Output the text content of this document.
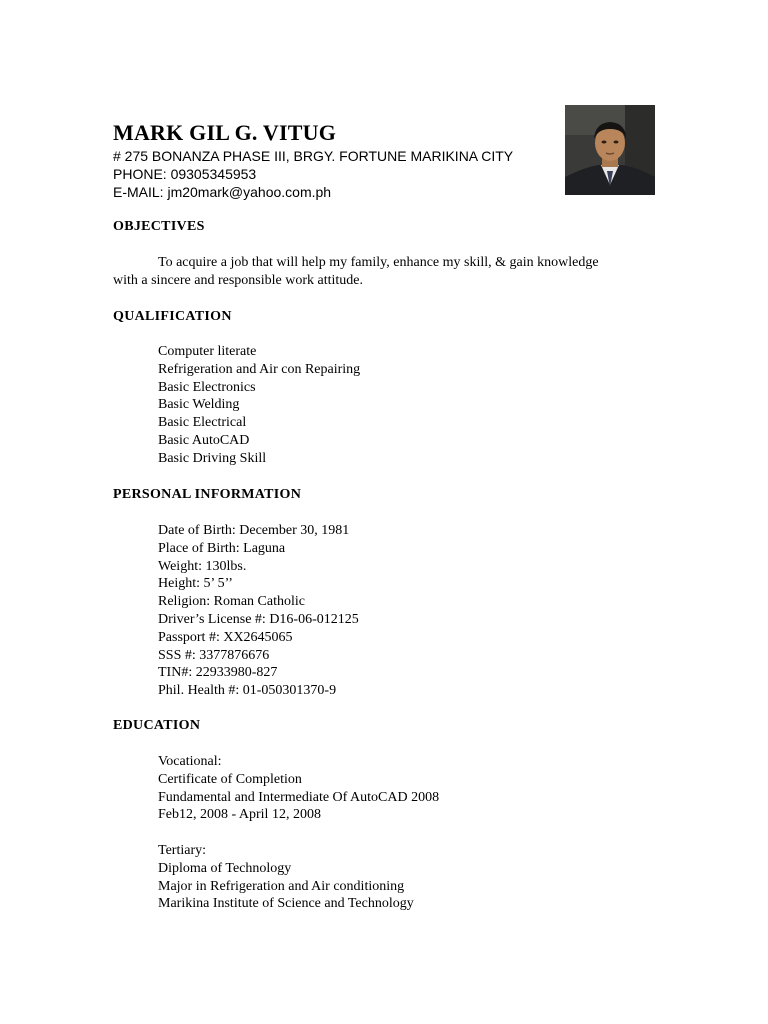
MARK GIL G. VITUG
# 275 BONANZA PHASE III, BRGY. FORTUNE MARIKINA CITY
PHONE: 09305345953
E-MAIL: jm20mark@yahoo.com.ph
OBJECTIVES
To acquire a job that will help my family, enhance my skill, & gain knowledge
with a sincere and responsible work attitude.
QUALIFICATION
Computer literate
Refrigeration and Air con Repairing
Basic Electronics
Basic Welding
Basic Electrical
Basic AutoCAD
Basic Driving Skill
PERSONAL INFORMATION
Date of Birth: December 30, 1981
Place of Birth: Laguna
Weight: 130lbs.
Height: 5’ 5’’
Religion: Roman Catholic
Driver’s License #: D16-06-012125
Passport #: XX2645065
SSS #: 3377876676
TIN#: 22933980-827
Phil. Health #: 01-050301370-9
EDUCATION
Vocational:
Certificate of Completion
Fundamental and Intermediate Of AutoCAD 2008
Feb12, 2008 - April 12, 2008
Tertiary:
Diploma of Technology
Major in Refrigeration and Air conditioning
Marikina Institute of Science and Technology
